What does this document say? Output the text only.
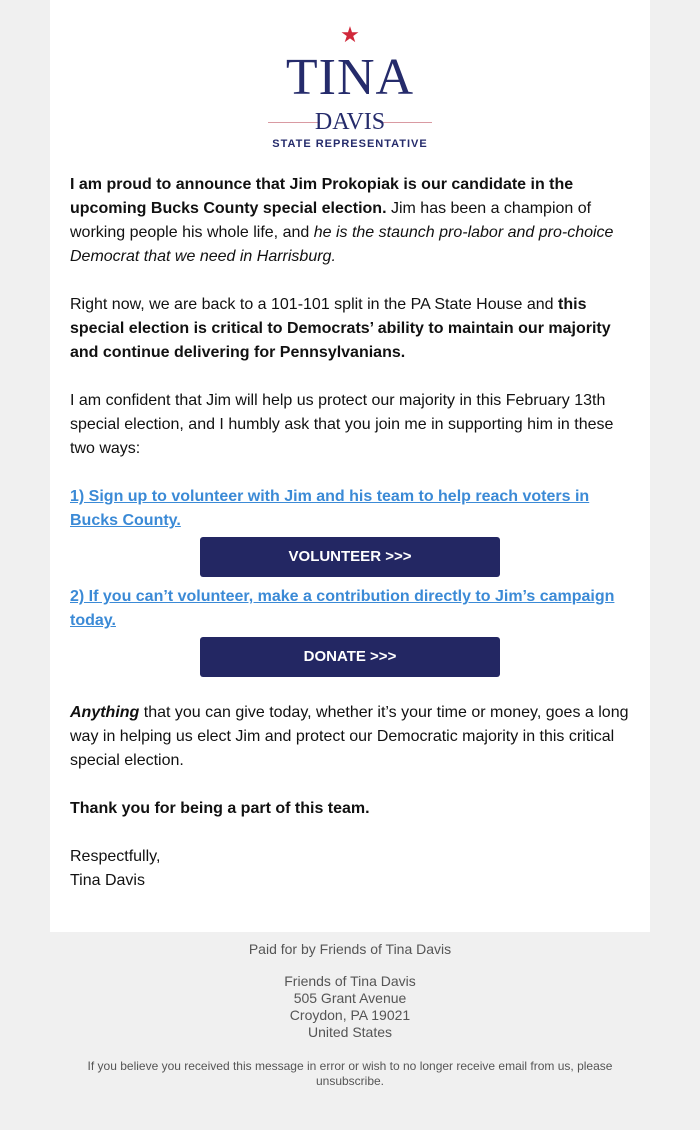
★
TINA
DAVIS
STATE REPRESENTATIVE

I am proud to announce that Jim Prokopiak is our candidate in the upcoming Bucks County special election. Jim has been a champion of working people his whole life, and he is the staunch pro-labor and pro-choice Democrat that we need in Harrisburg.

Right now, we are back to a 101-101 split in the PA State House and this special election is critical to Democrats’ ability to maintain our majority and continue delivering for Pennsylvanians.

I am confident that Jim will help us protect our majority in this February 13th special election, and I humbly ask that you join me in supporting him in these two ways:

1) Sign up to volunteer with Jim and his team to help reach voters in Bucks County.
VOLUNTEER >>>
2) If you can’t volunteer, make a contribution directly to Jim’s campaign today.
DONATE >>>

Anything that you can give today, whether it’s your time or money, goes a long way in helping us elect Jim and protect our Democratic majority in this critical special election.

Thank you for being a part of this team.

Respectfully,
Tina Davis
Paid for by Friends of Tina Davis
Friends of Tina Davis
505 Grant Avenue
Croydon, PA 19021
United States
If you believe you received this message in error or wish to no longer receive email from us, please unsubscribe.
